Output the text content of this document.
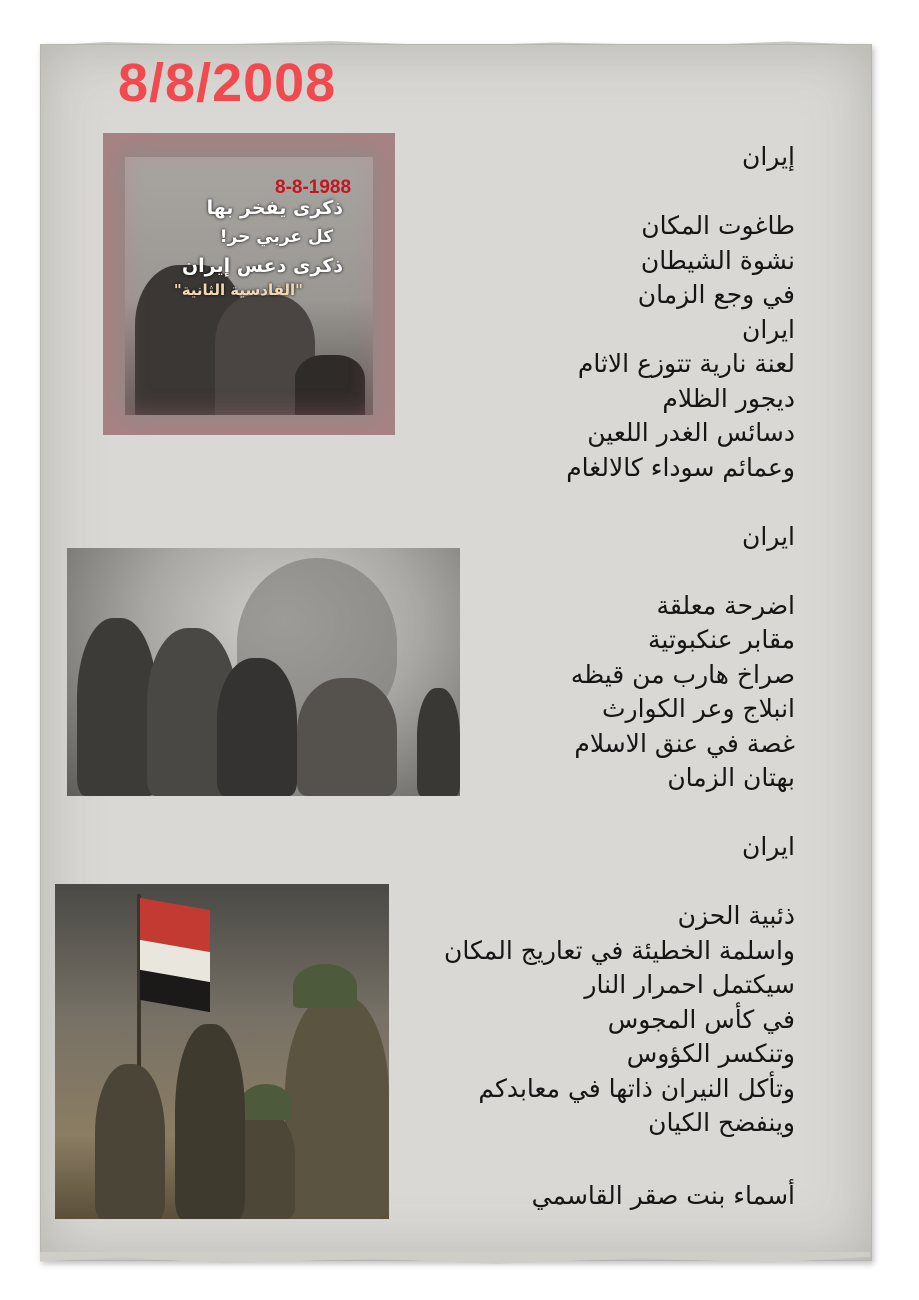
8/8/2008
8-8-1988
ذكرى يفخر بها
كل عربي حر!
ذكرى دعس إيران
"القادسية الثانية"
إيران
طاغوت المكان
نشوة الشيطان
في وجع الزمان
ايران
لعنة نارية تتوزع الاثام
ديجور الظلام
دسائس الغدر اللعين
وعمائم سوداء كالالغام
ايران
اضرحة معلقة
مقابر عنكبوتية
صراخ هارب من قيظه
انبلاج وعر الكوارث
غصة في عنق الاسلام
بهتان الزمان
ايران
ذئبية الحزن
واسلمة الخطيئة في تعاريج المكان
سيكتمل احمرار النار
في كأس المجوس
وتنكسر الكؤوس
وتأكل النيران ذاتها في معابدكم
وينفضح الكيان
أسماء بنت صقر القاسمي
